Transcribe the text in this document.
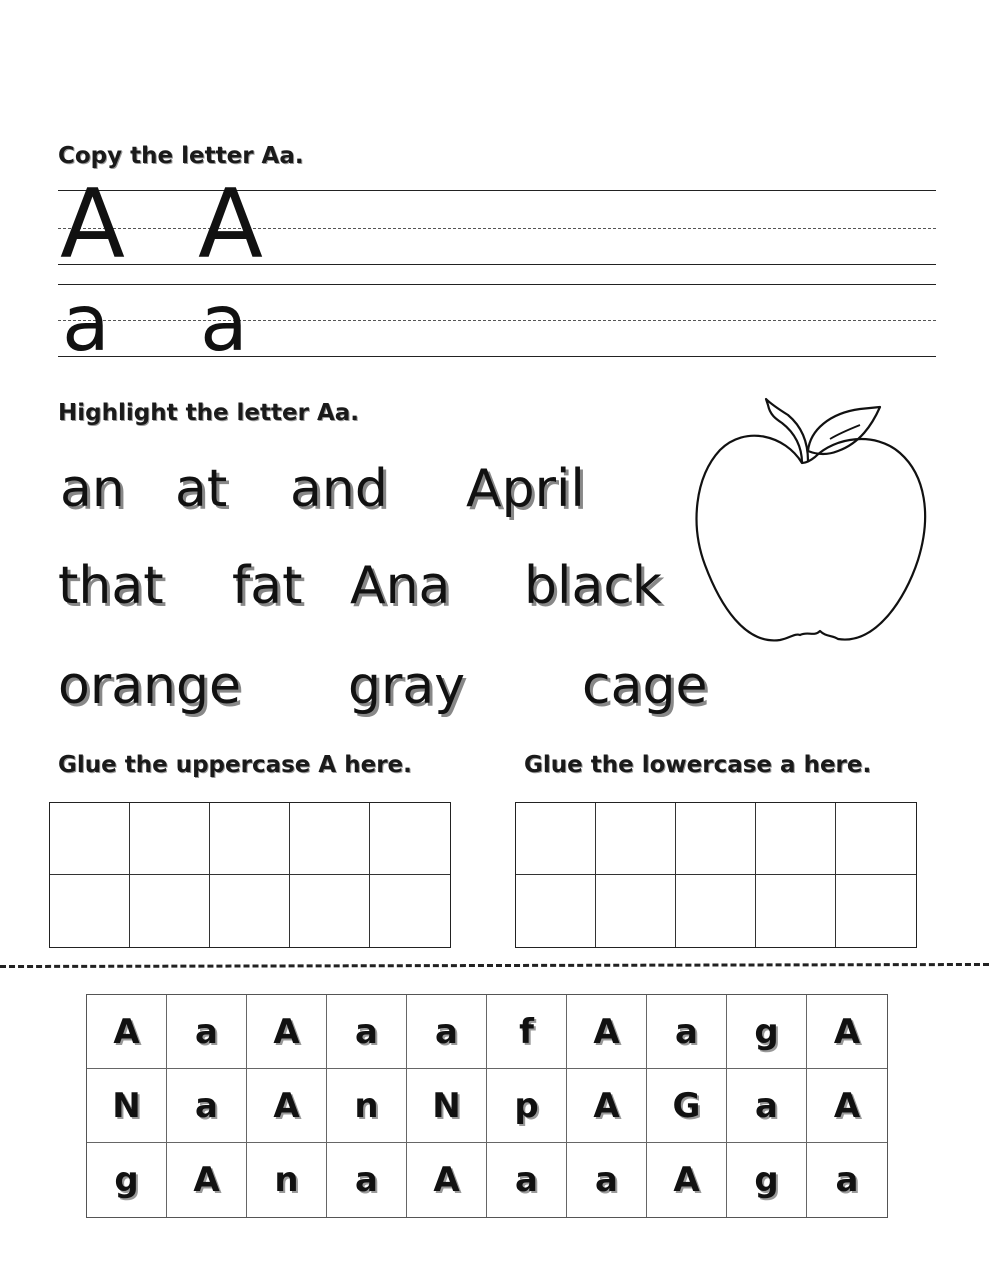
Copy the letter Aa.
A A
a a
Highlight the letter Aa.
an at and April
that fat Ana black
orange gray cage
Glue the uppercase A here.	Glue the lowercase a here.
A	a	A	a	a	f	A	a	g	A
N	a	A	n	N	p	A	G	a	A
g	A	n	a	A	a	a	A	g	a
